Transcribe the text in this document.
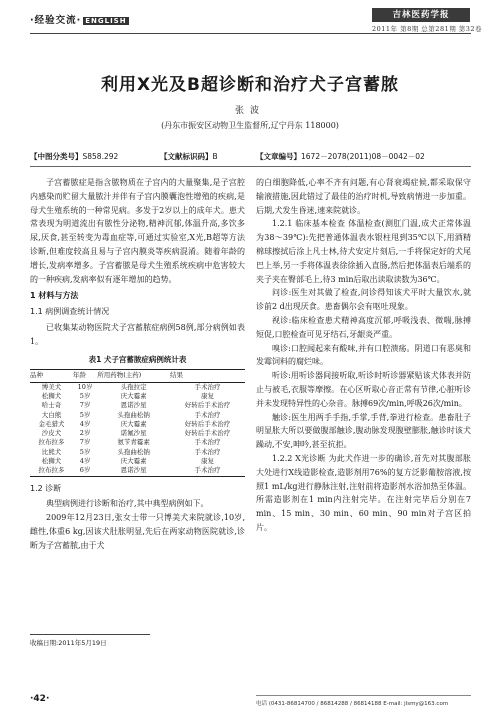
·经验交流· ENGLISH
吉林医药学报
2011年 第8期 总第281期 第32卷
利用X光及B超诊断和治疗犬子宫蓄脓
张波
(丹东市振安区动物卫生监督所,辽宁丹东 118000)
【中图分类号】S858.292	【文献标识码】B	【文章编号】1672－2078(2011)08－0042－02

子宫蓄脓症是指含脓物质在子宫内的大量聚集,是子宫腔内感染而贮留大量脓汁并伴有子宫内膜囊泡性增殖的疾病,是母犬生殖系统的一种常见病。多发于2岁以上的成年犬。患犬常表现为明道流出有脓性分泌物,精神沉郁,体温升高,多饮多尿,厌食,甚至转变为毒血症等,可通过实验室,X光,B超等方法诊断,但难度较高且易与子宫内膜炎等疾病混淆。随着年龄的增长,发病率增多。子宫蓄脓是母犬生殖系统疾病中危害较大的一种疾病,发病率似有逐年增加的趋势。

1 材料与方法
1.1 病例调查统计情况

已收集某动物医院犬子宫蓄脓症病例58例,部分病例如表1。

表1 犬子宫蓄脓症病例统计表
品种	年龄	所用药物(主药)	结果
博美犬	10岁	头孢拉定	手术治疗
松狮犬	5岁	庆大霉素	康复
哈士奇	7岁	恩诺沙星	好转后手术治疗
大白熊	5岁	头孢曲松钠	手术治疗
金毛猎犬	4岁	庆大霉素	好转后手术治疗
沙皮犬	2岁	诺氟沙星	好转后手术治疗
拉布拉多	7岁	氨苄青霉素	手术治疗
比熊犬	5岁	头孢曲松钠	手术治疗
松狮犬	4岁	庆大霉素	康复
拉布拉多	6岁	恩诺沙星	手术治疗
1.2 诊断

典型病例进行诊断和治疗,其中典型病例如下。

2009年12月23日,张女士带一只博美犬来院就诊,10岁,雌性,体重6 kg,因该犬肚胀明显,先后在两家动物医院就诊,诊断为子宫蓄脓,由于犬

的白细胞降低,心率不齐有问题,有心肾衰竭症候,都采取保守输液措施,因此错过了最佳的治疗时机,导致病情进一步加重。后期,犬发生昏迷,速来院就诊。

1.2.1 临床基本检查 体温检查(测肛门温,成犬正常体温为38～39℃):先把普通体温表水银柱甩到35℃以下,用酒精棉球擦拭后涂上凡士林,待犬安定片刻后,一手将保定好的犬尾巴上举,另一手将体温表徐徐插入直肠,然后把体温表后端系的夹子夹在臀部毛上,待3 min后取出读取读数为36℃。

问诊:医生对其做了检查,问诊得知该犬平时大量饮水,就诊前2 d出现厌食。患畜偶尔会有呕吐现象。

视诊:临床检查患犬精神高度沉郁,呼吸浅表、微喘,脉搏短促,口腔检查可见牙结石,牙龈炎严重。

嗅诊:口腔闻起来有酸味,并有口腔溃疡。阴道口有恶臭和发霉饲料的腐烂味。

听诊:用听诊器间接听取,听诊时听诊器紧贴该犬体表并防止与被毛,衣服等摩擦。在心区听取心音正常有节律,心脏听诊并未发现特异性的心杂音。脉搏69次/min,呼吸26次/min。

触诊:医生用两手手指,手掌,手背,拳进行检查。患畜肚子明显胀大所以要做腹部触诊,腹动脉发现腹壁膨胀,触诊时该犬躁动,不安,呻吟,甚至抗拒。

1.2.2 X光诊断 为此犬作进一步的确诊,首先对其腹部胀大处进行X线造影检查,造影剂用76%的复方泛影葡胺溶液,按照1 mL/kg进行静脉注射,注射前将造影剂水浴加热至体温。所需造影剂在1 min内注射完毕。在注射完毕后分别在7 min、15 min、30 min、60 min、90 min对子宫区拍片。

收稿日期:2011年5月19日
·42·	电话 (0431-86814700 / 86814288 / 86814188 E-mail: jlsmy@163.com
